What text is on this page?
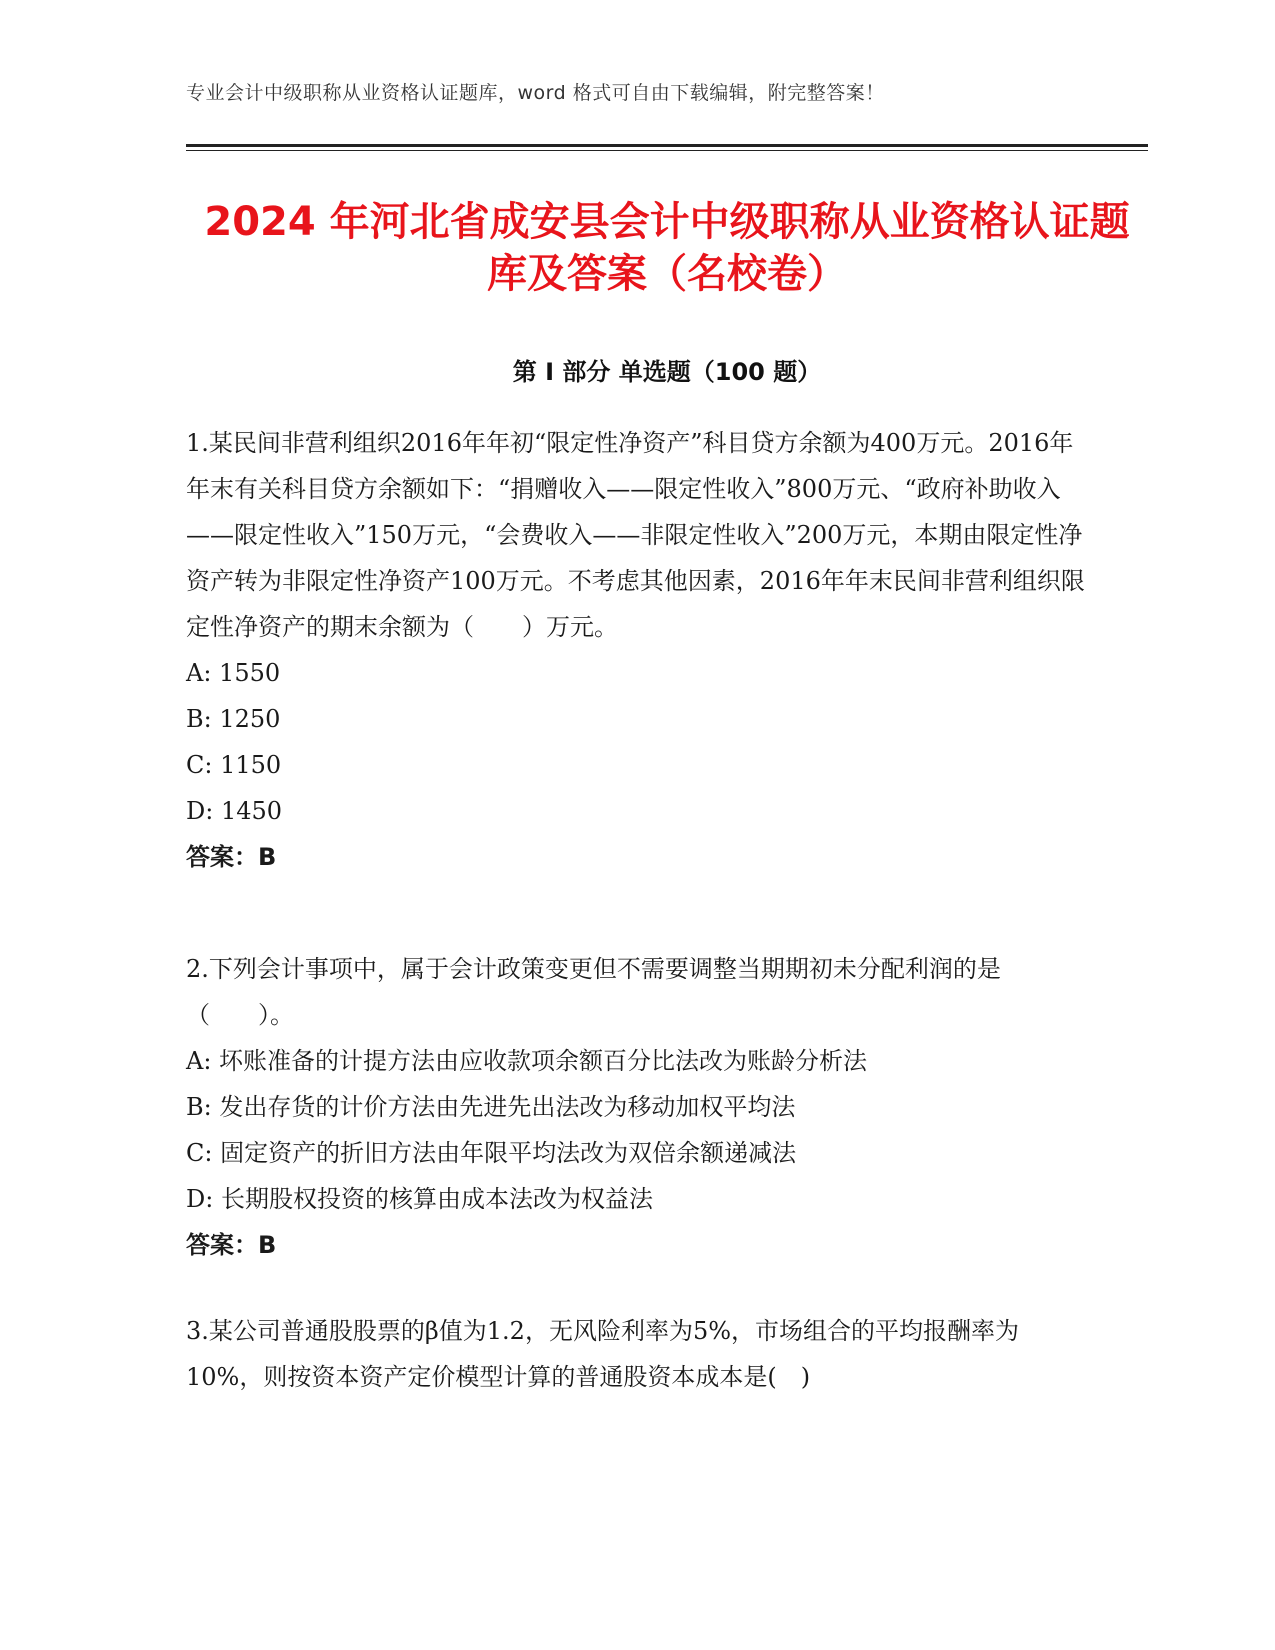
专业会计中级职称从业资格认证题库，word 格式可自由下载编辑，附完整答案！
2024 年河北省成安县会计中级职称从业资格认证题库及答案（名校卷）
第 I 部分 单选题（100 题）

1.某民间非营利组织2016年年初“限定性净资产”科目贷方余额为400万元。2016年年末有关科目贷方余额如下：“捐赠收入——限定性收入”800万元、“政府补助收入——限定性收入”150万元，“会费收入——非限定性收入”200万元，本期由限定性净资产转为非限定性净资产100万元。不考虑其他因素，2016年年末民间非营利组织限定性净资产的期末余额为（　　）万元。

A: 1550

B: 1250

C: 1150

D: 1450

答案：B

2.下列会计事项中，属于会计政策变更但不需要调整当期期初未分配利润的是（　　）。

A: 坏账准备的计提方法由应收款项余额百分比法改为账龄分析法

B: 发出存货的计价方法由先进先出法改为移动加权平均法

C: 固定资产的折旧方法由年限平均法改为双倍余额递减法

D: 长期股权投资的核算由成本法改为权益法

答案：B

3.某公司普通股股票的β值为1.2，无风险利率为5%，市场组合的平均报酬率为10%，则按资本资产定价模型计算的普通股资本成本是(　)
